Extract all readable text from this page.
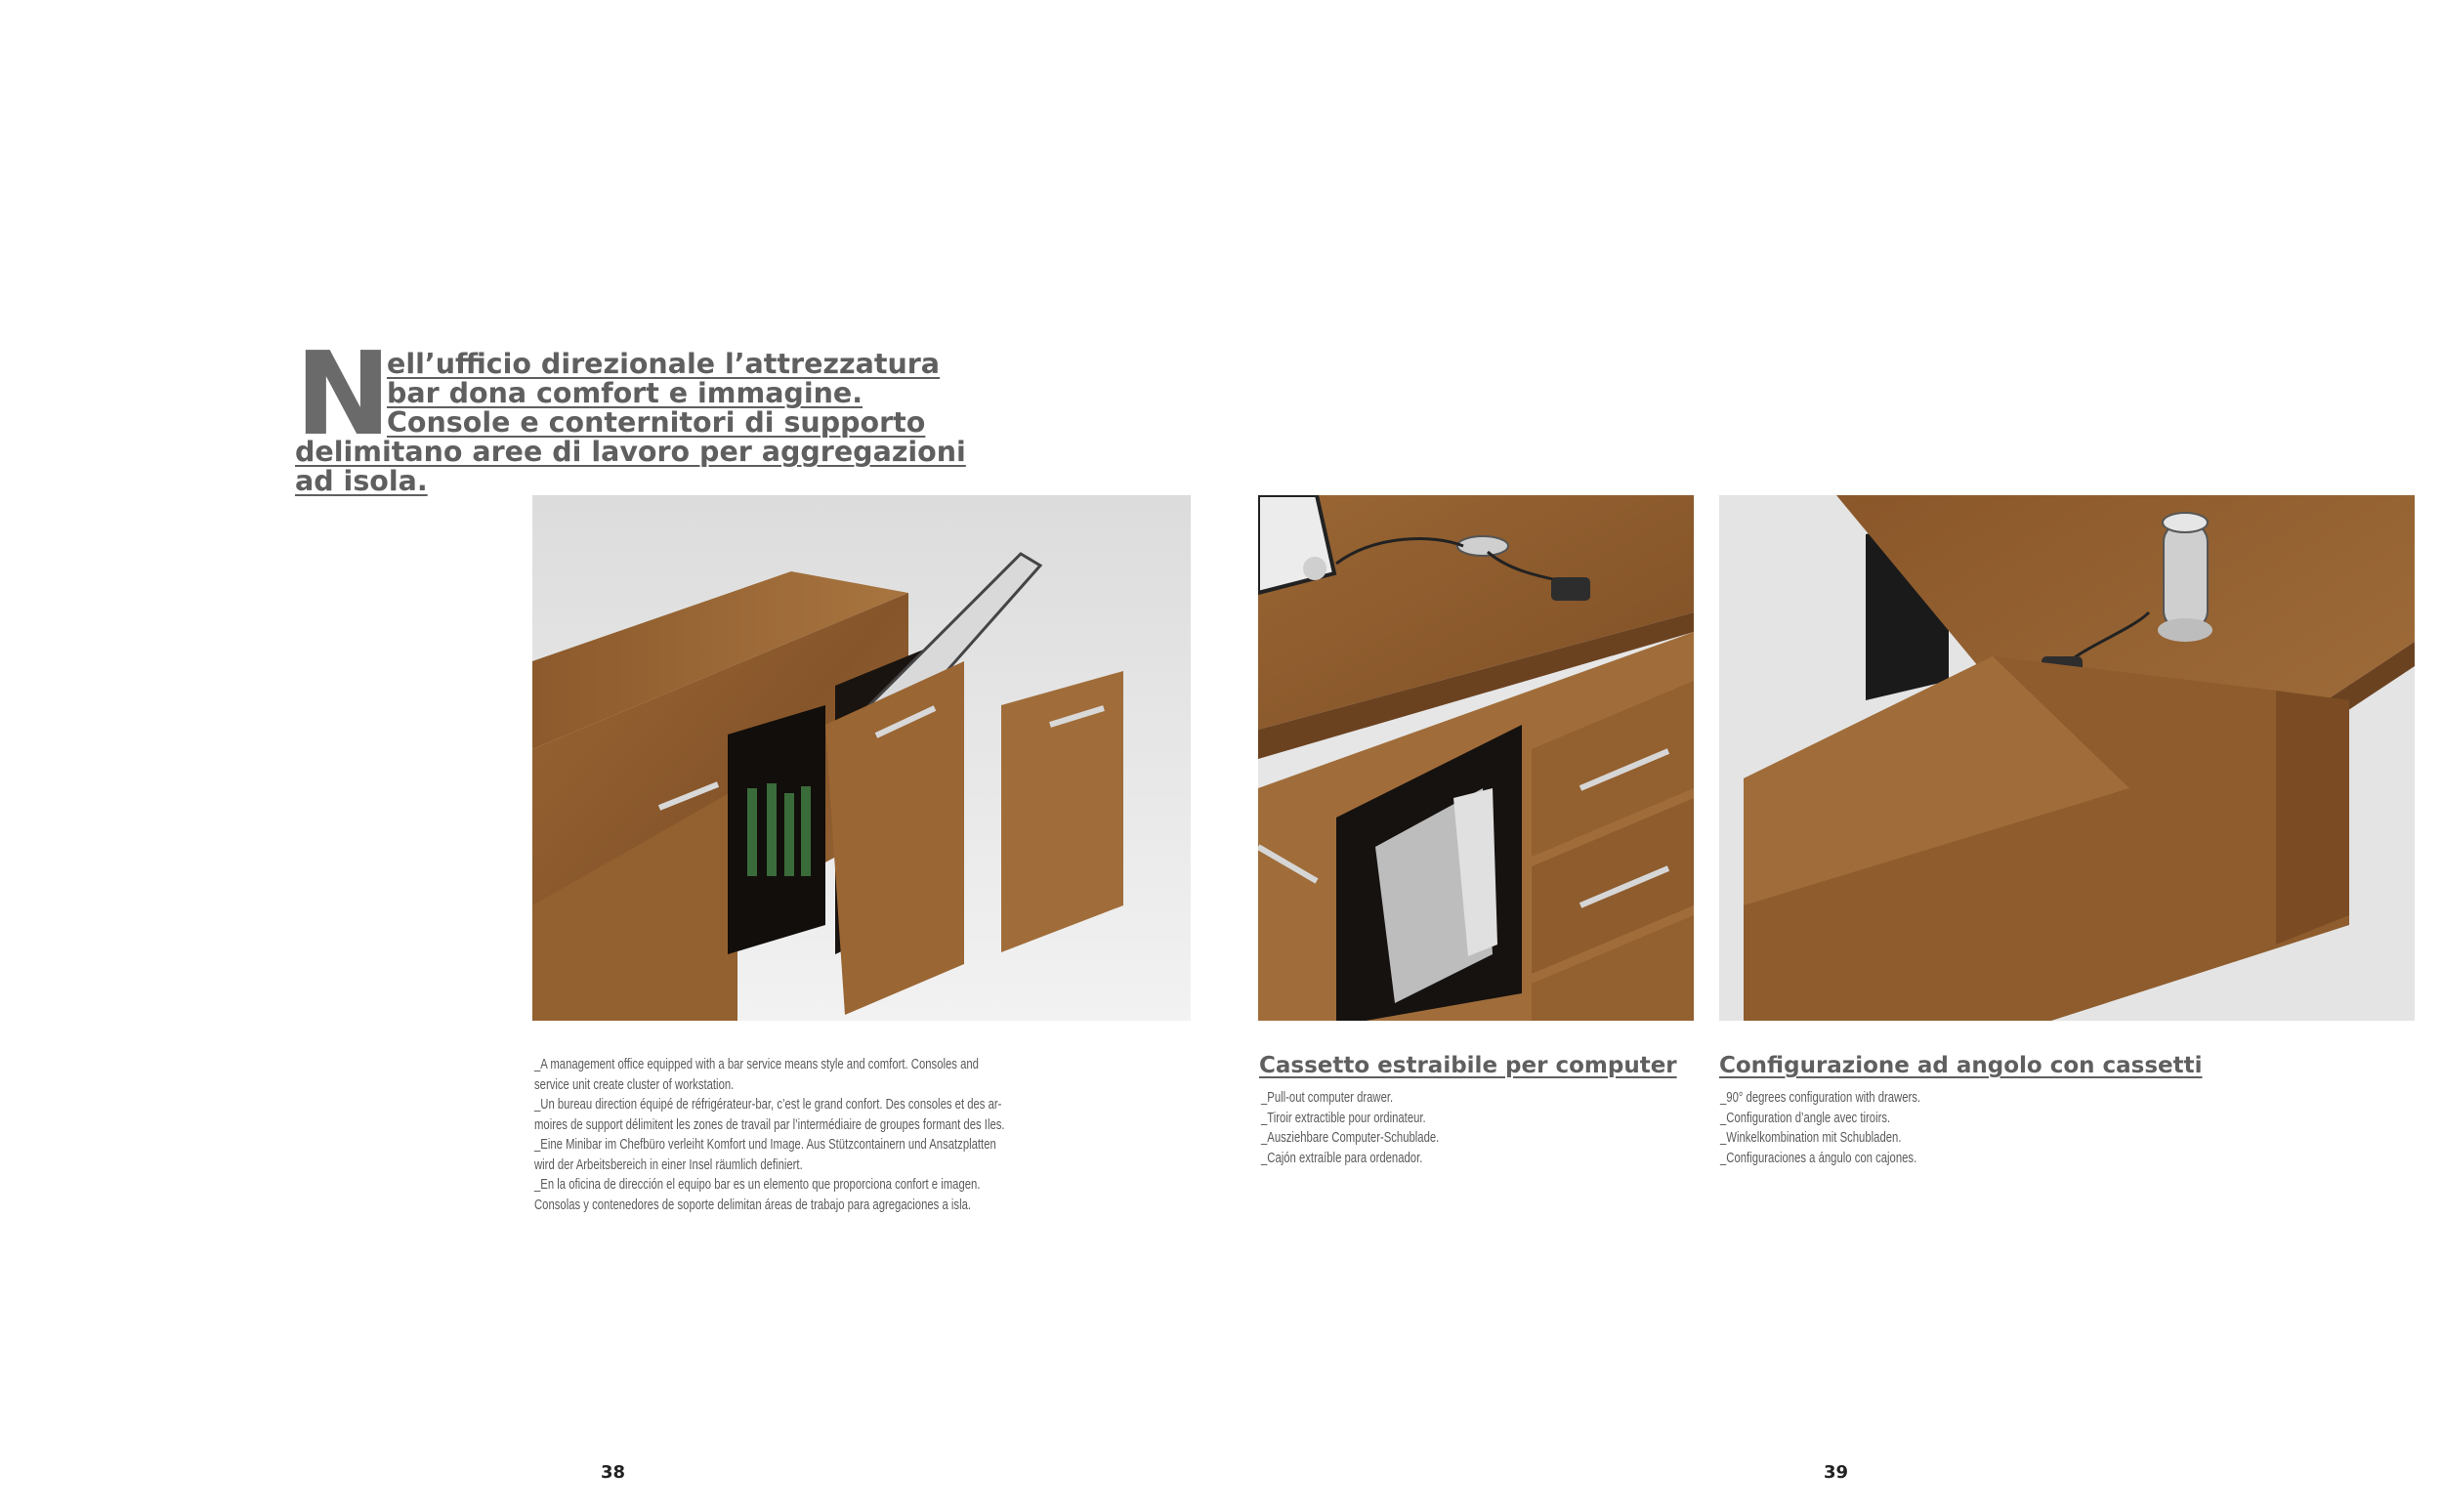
N ell’ufficio direzionale l’attrezzatura
bar dona comfort e immagine.
Console e conternitori di supporto
delimitano aree di lavoro per aggregazioni
ad isola.

_A management office equipped with a bar service means style and comfort. Consoles and

service unit create cluster of workstation.

_Un bureau direction équipé de réfrigérateur-bar, c’est le grand confort. Des consoles et des ar-

moires de support délimitent les zones de travail par l’intermédiaire de groupes formant des Iles.

_Eine Minibar im Chefbüro verleiht Komfort und Image. Aus Stützcontainern und Ansatzplatten

wird der Arbeitsbereich in einer Insel räumlich definiert.

_En la oficina de dirección el equipo bar es un elemento que proporciona confort e imagen.

Consolas y contenedores de soporte delimitan áreas de trabajo para agregaciones a isla.

Cassetto estraibile per computer

_Pull-out computer drawer.

_Tiroir extractible pour ordinateur.

_Ausziehbare Computer-Schublade.

_Cajón extraíble para ordenador.

Configurazione ad angolo con cassetti

_90° degrees configuration with drawers.

_Configuration d’angle avec tiroirs.

_Winkelkombination mit Schubladen.

_Configuraciones a ángulo con cajones.

38	39
